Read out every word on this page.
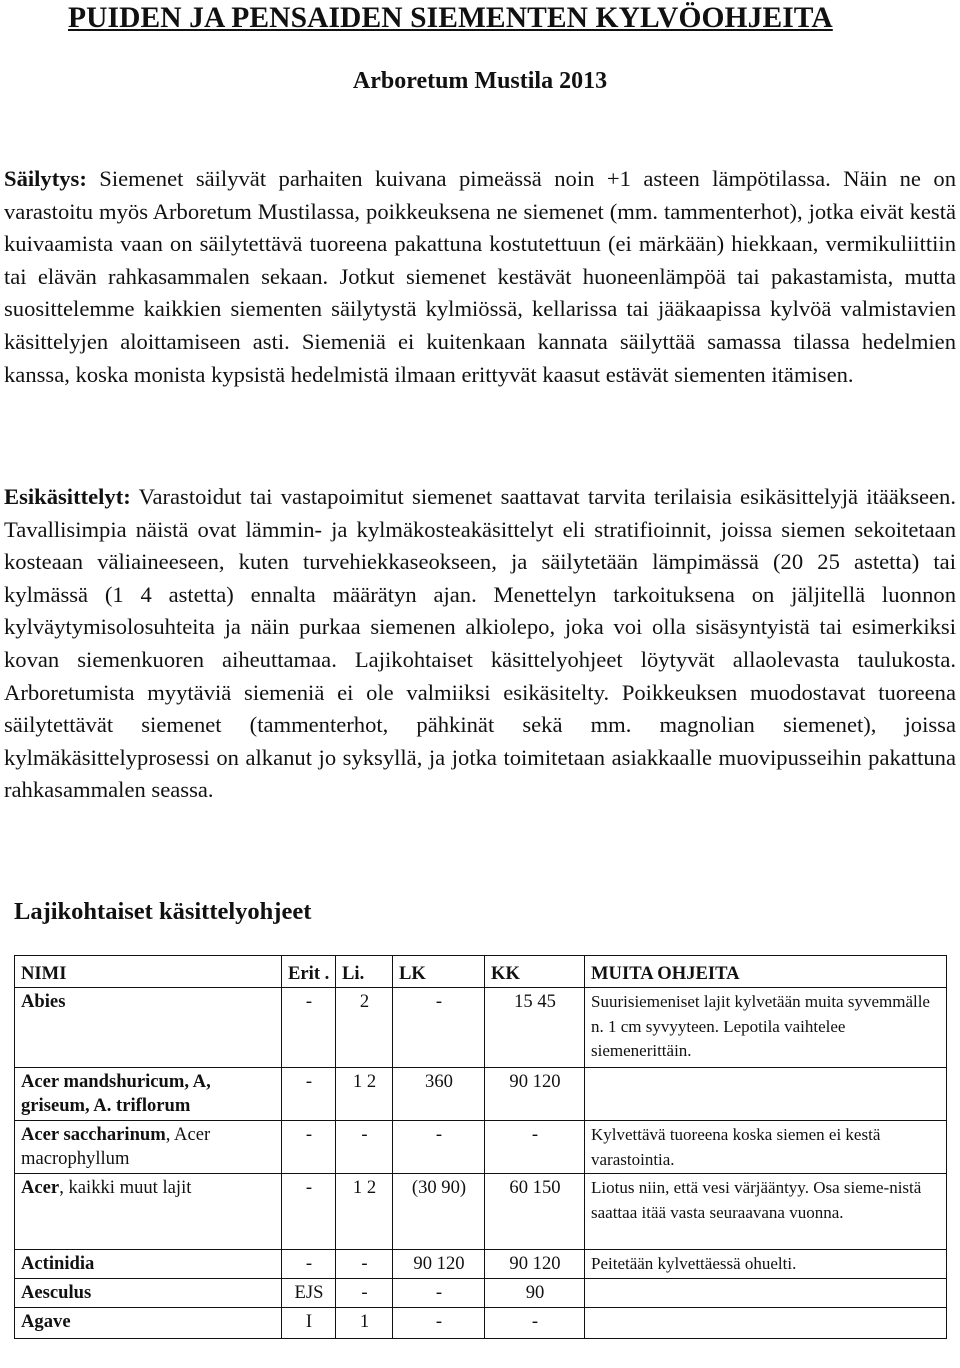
PUIDEN JA PENSAIDEN SIEMENTEN KYLVÖOHJEITA
Arboretum Mustila 2013
Säilytys: Siemenet säilyvät parhaiten kuivana pimeässä noin +1 asteen lämpötilassa. Näin ne on varastoitu myös Arboretum Mustilassa, poikkeuksena ne siemenet (mm. tammenterhot), jotka eivät kestä kuivaamista vaan on säilytettävä tuoreena pakattuna kostutettuun (ei märkään) hiekkaan, vermikuliittiin tai elävän rahkasammalen sekaan. Jotkut siemenet kestävät huoneenlämpöä tai pakastamista, mutta suosittelemme kaikkien siementen säilytystä kylmiössä, kellarissa tai jääkaapissa kylvöä valmistavien käsittelyjen aloittamiseen asti. Siemeniä ei kuitenkaan kannata säilyttää samassa tilassa hedelmien kanssa, koska monista kypsistä hedelmistä ilmaan erittyvät kaasut estävät siementen itämisen.
Esikäsittelyt: Varastoidut tai vastapoimitut siemenet saattavat tarvita terilaisia esikäsittelyjä itääkseen. Tavallisimpia näistä ovat lämmin- ja kylmäkosteakäsittelyt eli stratifioinnit, joissa siemen sekoitetaan kosteaan väliaineeseen, kuten turvehiekkaseokseen, ja säilytetään lämpimässä (20 25 astetta) tai kylmässä (1 4 astetta) ennalta määrätyn ajan. Menettelyn tarkoituksena on jäljitellä luonnon kylväytymisolosuhteita ja näin purkaa siemenen alkiolepo, joka voi olla sisäsyntyistä tai esimerkiksi kovan siemenkuoren aiheuttamaa. Lajikohtaiset käsittelyohjeet löytyvät allaolevasta taulukosta. Arboretumista myytäviä siemeniä ei ole valmiiksi esikäsitelty. Poikkeuksen muodostavat tuoreena säilytettävät siemenet (tammenterhot, pähkinät sekä mm. magnolian siemenet), joissa kylmäkäsittelyprosessi on alkanut jo syksyllä, ja jotka toimitetaan asiakkaalle muovipusseihin pakattuna rahkasammalen seassa.
Lajikohtaiset käsittelyohjeet
NIMI	Erit .	Li.	LK	KK	MUITA OHJEITA
Abies	-	2	-	15 45	Suurisiemeniset lajit kylvetään muita syvemmälle n. 1 cm syvyyteen. Lepotila vaihtelee siemenerittäin.
Acer mandshuricum, A, griseum, A. triflorum	-	1 2	360	90 120	
Acer saccharinum, Acer macrophyllum	-	-	-	-	Kylvettävä tuoreena koska siemen ei kestä varastointia.
Acer, kaikki muut lajit	-	1 2	(30 90)	60 150	Liotus niin, että vesi värjääntyy. Osa sieme-nistä saattaa itää vasta seuraavana vuonna.
Actinidia	-	-	90 120	90 120	Peitetään kylvettäessä ohuelti.
Aesculus	EJS	-	-	90	
Agave	I	1	-	-	
